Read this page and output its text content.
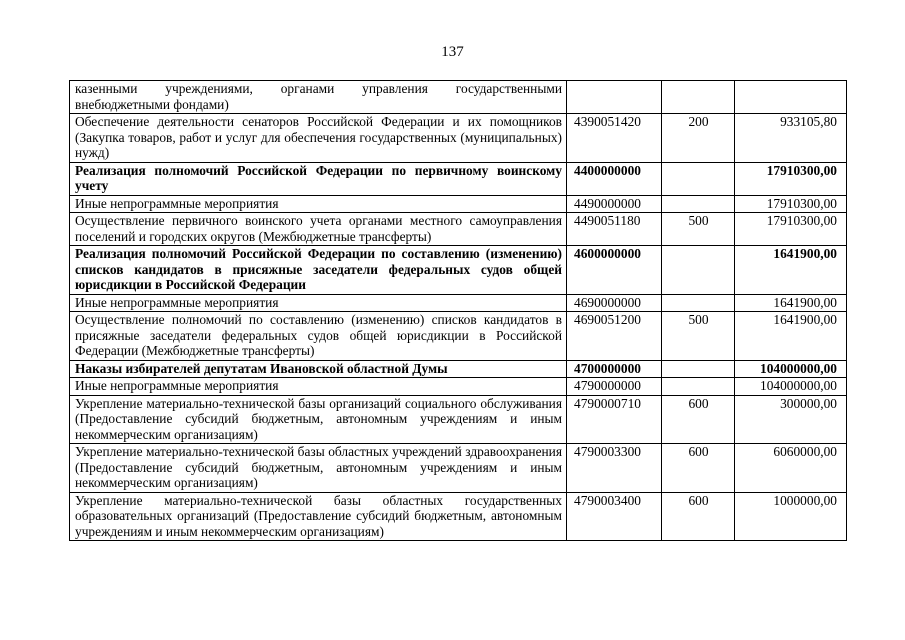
137
казенными учреждениями, органами управления государственными внебюджетными фондами)			
Обеспечение деятельности сенаторов Российской Федерации и их помощников (Закупка товаров, работ и услуг для обеспечения государственных (муниципальных) нужд)	4390051420	200	933105,80
Реализация полномочий Российской Федерации по первичному воинскому учету	4400000000		17910300,00
Иные непрограммные мероприятия	4490000000		17910300,00
Осуществление первичного воинского учета органами местного самоуправления поселений и городских округов (Межбюджетные трансферты)	4490051180	500	17910300,00
Реализация полномочий Российской Федерации по составлению (изменению) списков кандидатов в присяжные заседатели федеральных судов общей юрисдикции в Российской Федерации	4600000000		1641900,00
Иные непрограммные мероприятия	4690000000		1641900,00
Осуществление полномочий по составлению (изменению) списков кандидатов в присяжные заседатели федеральных судов общей юрисдикции в Российской Федерации (Межбюджетные трансферты)	4690051200	500	1641900,00
Наказы избирателей депутатам Ивановской областной Думы	4700000000		104000000,00
Иные непрограммные мероприятия	4790000000		104000000,00
Укрепление материально-технической базы организаций социального обслуживания (Предоставление субсидий бюджетным, автономным учреждениям и иным некоммерческим организациям)	4790000710	600	300000,00
Укрепление материально-технической базы областных учреждений здравоохранения (Предоставление субсидий бюджетным, автономным учреждениям и иным некоммерческим организациям)	4790003300	600	6060000,00
Укрепление материально-технической базы областных государственных образовательных организаций (Предоставление субсидий бюджетным, автономным учреждениям и иным некоммерческим организациям)	4790003400	600	1000000,00
